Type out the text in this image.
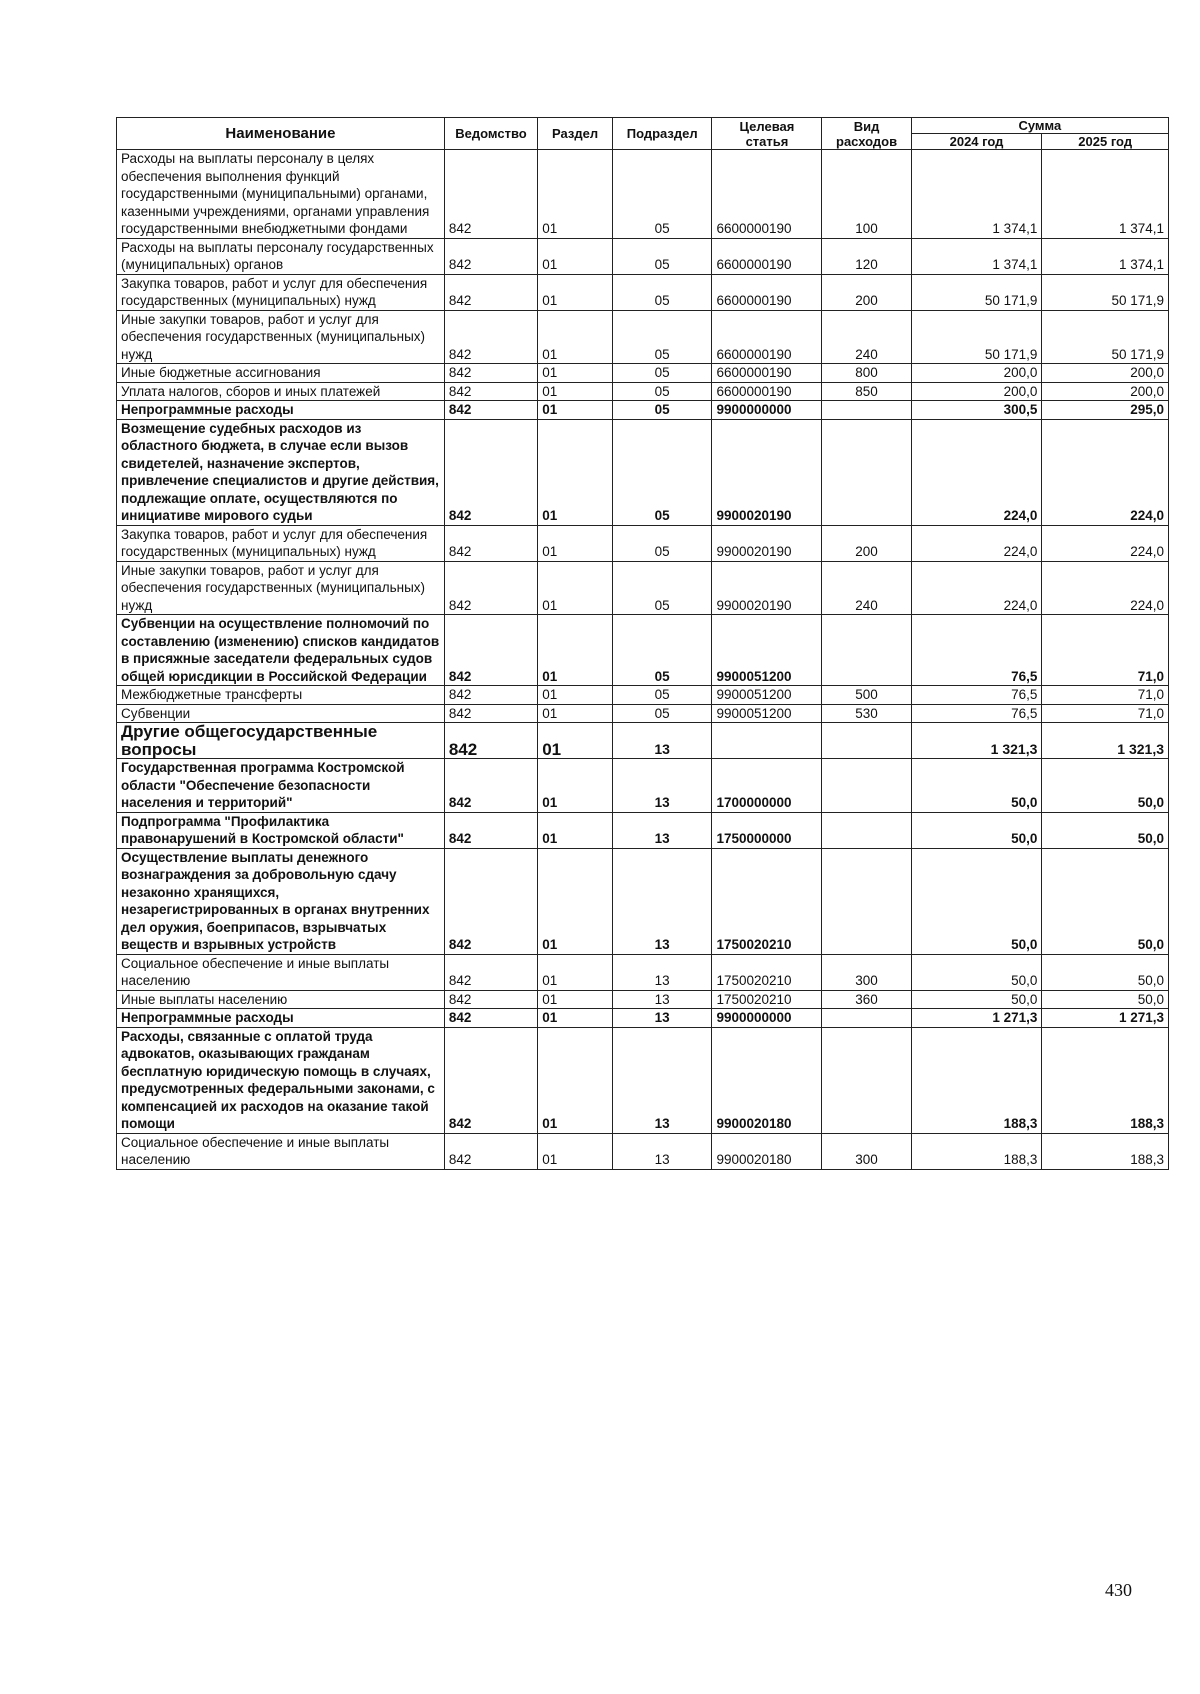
Наименование	Ведомство	Раздел	Подраздел	Целевая статья	Вид расходов	Сумма	
						2024 год	2025 год
Расходы на выплаты персоналу в целях обеспечения выполнения функций государственными (муниципальными) органами, казенными учреждениями, органами управления государственными внебюджетными фондами	842	01	05	6600000190	100	1 374,1	1 374,1
Расходы на выплаты персоналу государственных (муниципальных) органов	842	01	05	6600000190	120	1 374,1	1 374,1
Закупка товаров, работ и услуг для обеспечения государственных (муниципальных) нужд	842	01	05	6600000190	200	50 171,9	50 171,9
Иные закупки товаров, работ и услуг для обеспечения государственных (муниципальных) нужд	842	01	05	6600000190	240	50 171,9	50 171,9
Иные бюджетные ассигнования	842	01	05	6600000190	800	200,0	200,0
Уплата налогов, сборов и иных платежей	842	01	05	6600000190	850	200,0	200,0
Непрограммные расходы	842	01	05	9900000000		300,5	295,0
Возмещение судебных расходов из областного бюджета, в случае если вызов свидетелей, назначение экспертов, привлечение специалистов и другие действия, подлежащие оплате, осуществляются по инициативе мирового судьи	842	01	05	9900020190		224,0	224,0
Закупка товаров, работ и услуг для обеспечения государственных (муниципальных) нужд	842	01	05	9900020190	200	224,0	224,0
Иные закупки товаров, работ и услуг для обеспечения государственных (муниципальных) нужд	842	01	05	9900020190	240	224,0	224,0
Субвенции на осуществление полномочий по составлению (изменению) списков кандидатов в присяжные заседатели федеральных судов общей юрисдикции в Российской Федерации	842	01	05	9900051200		76,5	71,0
Межбюджетные трансферты	842	01	05	9900051200	500	76,5	71,0
Субвенции	842	01	05	9900051200	530	76,5	71,0
Другие общегосударственные вопросы	842	01	13			1 321,3	1 321,3
Государственная программа Костромской области "Обеспечение безопасности населения и территорий"	842	01	13	1700000000		50,0	50,0
Подпрограмма "Профилактика правонарушений в Костромской области"	842	01	13	1750000000		50,0	50,0
Осуществление выплаты денежного вознаграждения за добровольную сдачу незаконно хранящихся, незарегистрированных в органах внутренних дел оружия, боеприпасов, взрывчатых веществ и взрывных устройств	842	01	13	1750020210		50,0	50,0
Социальное обеспечение и иные выплаты населению	842	01	13	1750020210	300	50,0	50,0
Иные выплаты населению	842	01	13	1750020210	360	50,0	50,0
Непрограммные расходы	842	01	13	9900000000		1 271,3	1 271,3
Расходы, связанные с оплатой труда адвокатов, оказывающих гражданам бесплатную юридическую помощь в случаях, предусмотренных федеральными законами, с компенсацией их расходов на оказание такой помощи	842	01	13	9900020180		188,3	188,3
Социальное обеспечение и иные выплаты населению	842	01	13	9900020180	300	188,3	188,3
430
